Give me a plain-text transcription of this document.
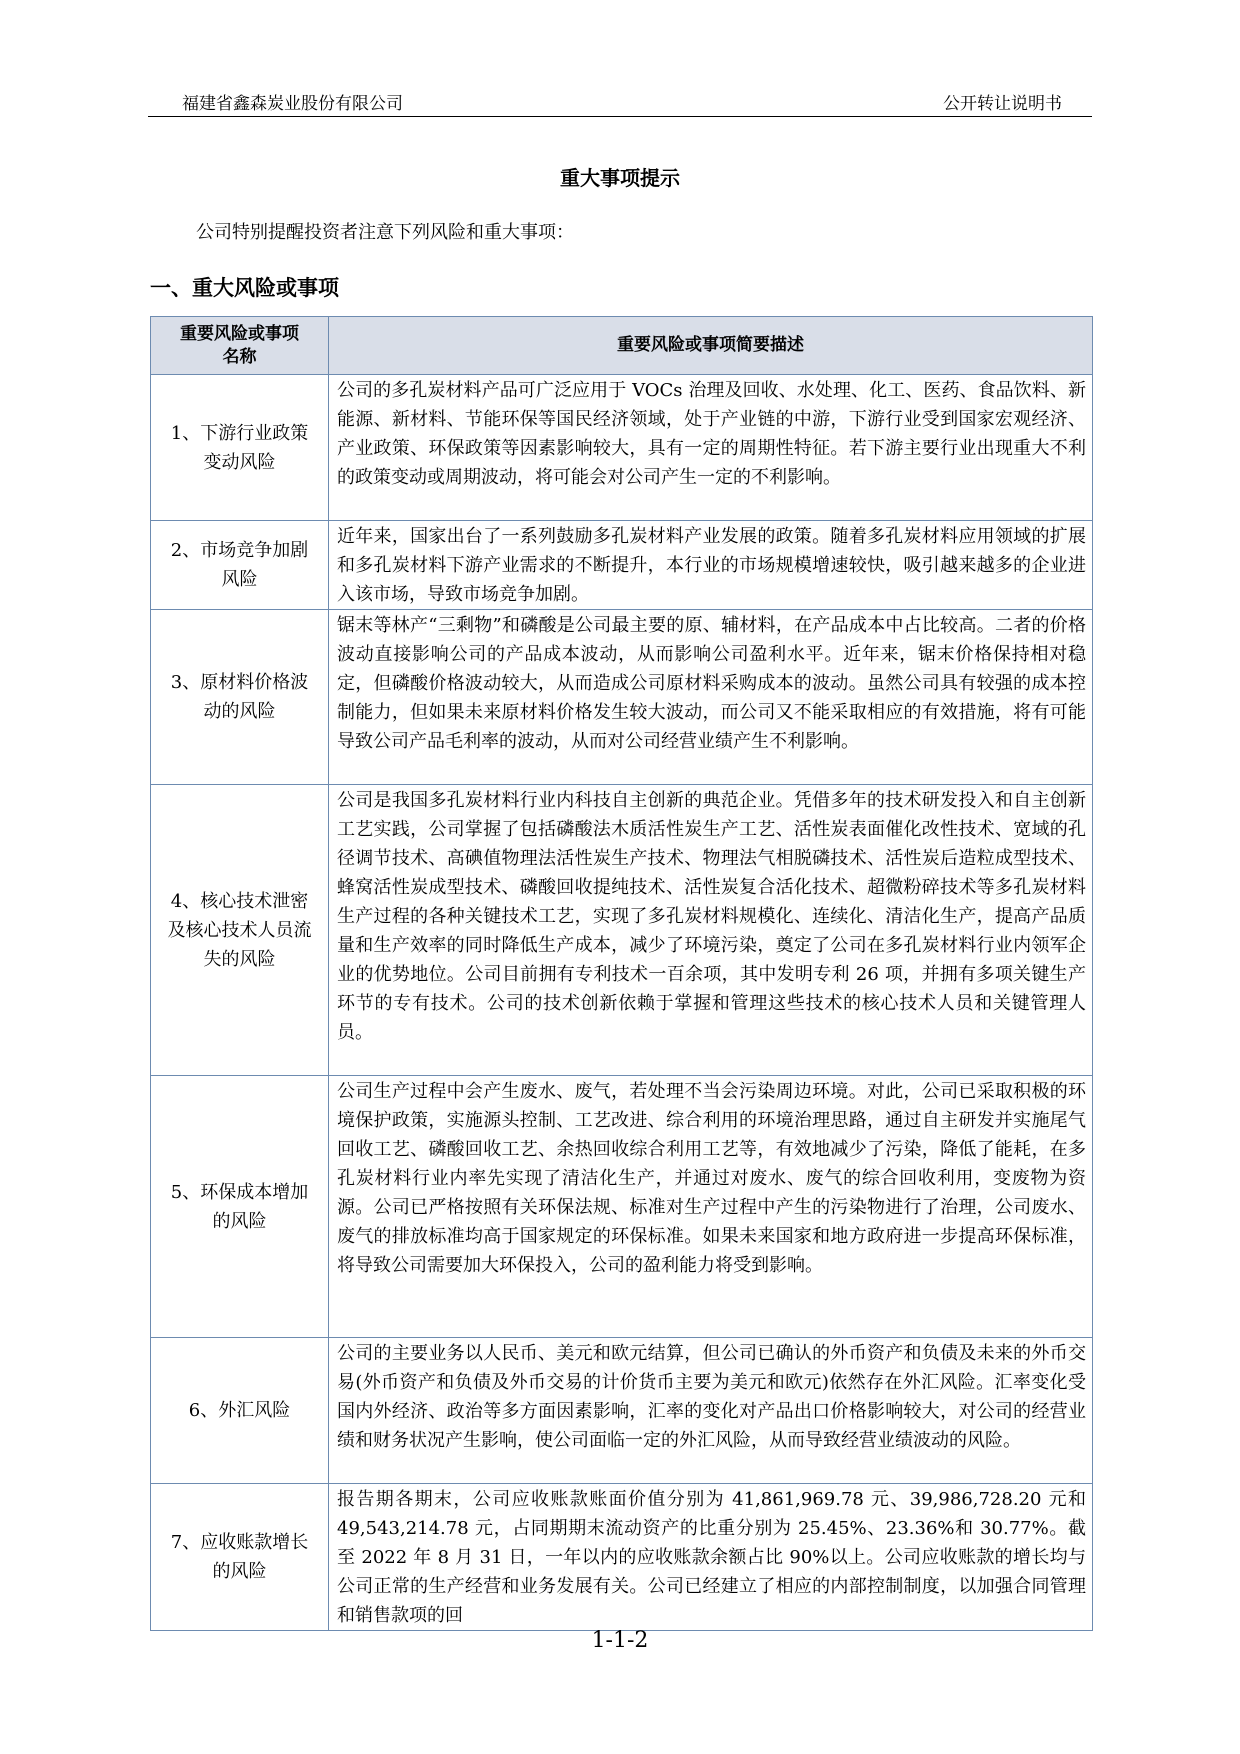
福建省鑫森炭业股份有限公司	公开转让说明书
重大事项提示
公司特别提醒投资者注意下列风险和重大事项：
一、重大风险或事项
重要风险或事项名称	重要风险或事项简要描述
1、下游行业政策变动风险	公司的多孔炭材料产品可广泛应用于 VOCs 治理及回收、水处理、化工、医药、食品饮料、新能源、新材料、节能环保等国民经济领域，处于产业链的中游，下游行业受到国家宏观经济、产业政策、环保政策等因素影响较大，具有一定的周期性特征。若下游主要行业出现重大不利的政策变动或周期波动，将可能会对公司产生一定的不利影响。
2、市场竞争加剧风险	近年来，国家出台了一系列鼓励多孔炭材料产业发展的政策。随着多孔炭材料应用领域的扩展和多孔炭材料下游产业需求的不断提升，本行业的市场规模增速较快，吸引越来越多的企业进入该市场，导致市场竞争加剧。
3、原材料价格波动的风险	锯末等林产“三剩物”和磷酸是公司最主要的原、辅材料，在产品成本中占比较高。二者的价格波动直接影响公司的产品成本波动，从而影响公司盈利水平。近年来，锯末价格保持相对稳定，但磷酸价格波动较大，从而造成公司原材料采购成本的波动。虽然公司具有较强的成本控制能力，但如果未来原材料价格发生较大波动，而公司又不能采取相应的有效措施，将有可能导致公司产品毛利率的波动，从而对公司经营业绩产生不利影响。
4、核心技术泄密及核心技术人员流失的风险	公司是我国多孔炭材料行业内科技自主创新的典范企业。凭借多年的技术研发投入和自主创新工艺实践，公司掌握了包括磷酸法木质活性炭生产工艺、活性炭表面催化改性技术、宽域的孔径调节技术、高碘值物理法活性炭生产技术、物理法气相脱磷技术、活性炭后造粒成型技术、蜂窝活性炭成型技术、磷酸回收提纯技术、活性炭复合活化技术、超微粉碎技术等多孔炭材料生产过程的各种关键技术工艺，实现了多孔炭材料规模化、连续化、清洁化生产，提高产品质量和生产效率的同时降低生产成本，减少了环境污染，奠定了公司在多孔炭材料行业内领军企业的优势地位。公司目前拥有专利技术一百余项，其中发明专利 26 项，并拥有多项关键生产环节的专有技术。公司的技术创新依赖于掌握和管理这些技术的核心技术人员和关键管理人员。
5、环保成本增加的风险	公司生产过程中会产生废水、废气，若处理不当会污染周边环境。对此，公司已采取积极的环境保护政策，实施源头控制、工艺改进、综合利用的环境治理思路，通过自主研发并实施尾气回收工艺、磷酸回收工艺、余热回收综合利用工艺等，有效地减少了污染，降低了能耗，在多孔炭材料行业内率先实现了清洁化生产，并通过对废水、废气的综合回收利用，变废物为资源。公司已严格按照有关环保法规、标准对生产过程中产生的污染物进行了治理，公司废水、废气的排放标准均高于国家规定的环保标准。如果未来国家和地方政府进一步提高环保标准，将导致公司需要加大环保投入，公司的盈利能力将受到影响。
6、外汇风险	公司的主要业务以人民币、美元和欧元结算，但公司已确认的外币资产和负债及未来的外币交易(外币资产和负债及外币交易的计价货币主要为美元和欧元)依然存在外汇风险。汇率变化受国内外经济、政治等多方面因素影响，汇率的变化对产品出口价格影响较大，对公司的经营业绩和财务状况产生影响，使公司面临一定的外汇风险，从而导致经营业绩波动的风险。
7、应收账款增长的风险	报告期各期末，公司应收账款账面价值分别为 41,861,969.78 元、39,986,728.20 元和 49,543,214.78 元，占同期期末流动资产的比重分别为 25.45%、23.36%和 30.77%。截至 2022 年 8 月 31 日，一年以内的应收账款余额占比 90%以上。公司应收账款的增长均与公司正常的生产经营和业务发展有关。公司已经建立了相应的内部控制制度，以加强合同管理和销售款项的回
1-1-2
